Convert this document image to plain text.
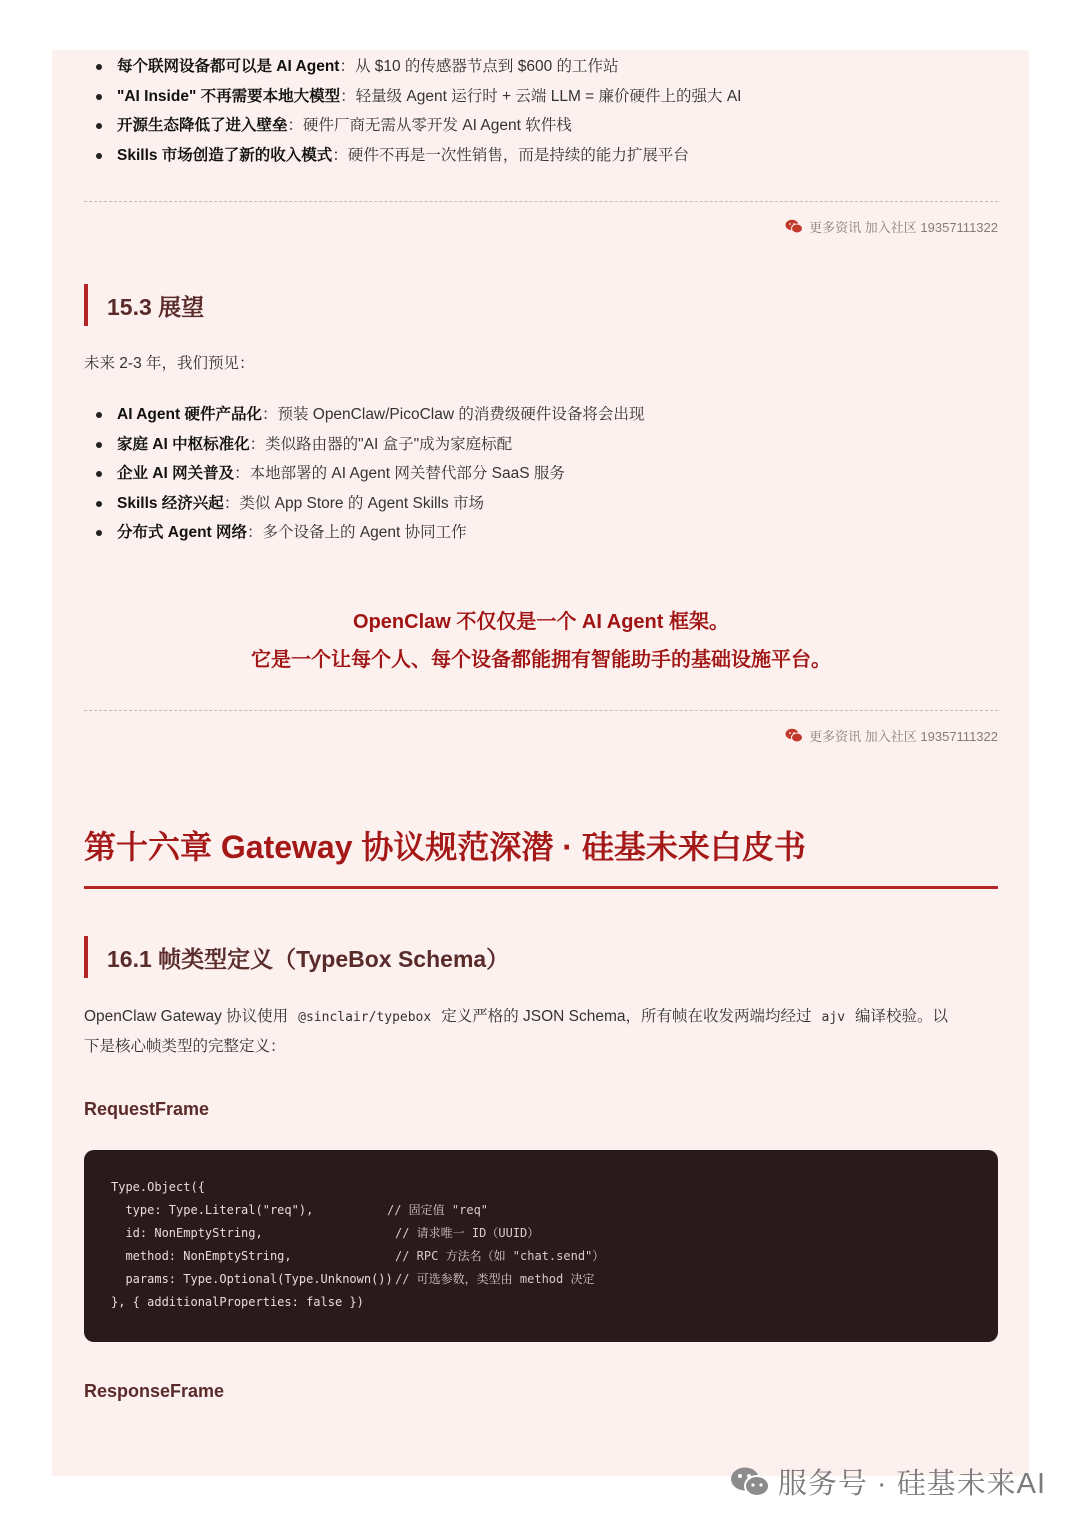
每个联网设备都可以是 AI Agent：从 $10 的传感器节点到 $600 的工作站
"AI Inside" 不再需要本地大模型：轻量级 Agent 运行时 + 云端 LLM = 廉价硬件上的强大 AI
开源生态降低了进入壁垒：硬件厂商无需从零开发 AI Agent 软件栈
Skills 市场创造了新的收入模式：硬件不再是一次性销售，而是持续的能力扩展平台
更多资讯 加入社区 19357111322
15.3 展望
未来 2-3 年，我们预见：
AI Agent 硬件产品化：预装 OpenClaw/PicoClaw 的消费级硬件设备将会出现
家庭 AI 中枢标准化：类似路由器的"AI 盒子"成为家庭标配
企业 AI 网关普及：本地部署的 AI Agent 网关替代部分 SaaS 服务
Skills 经济兴起：类似 App Store 的 Agent Skills 市场
分布式 Agent 网络：多个设备上的 Agent 协同工作
OpenClaw 不仅仅是一个 AI Agent 框架。
它是一个让每个人、每个设备都能拥有智能助手的基础设施平台。
更多资讯 加入社区 19357111322
第十六章 Gateway 协议规范深潜 · 硅基未来白皮书
16.1 帧类型定义（TypeBox Schema）
OpenClaw Gateway 协议使用 @sinclair/typebox 定义严格的 JSON Schema，所有帧在收发两端均经过 ajv 编译校验。以
下是核心帧类型的完整定义：
RequestFrame
Type.Object({
type: Type.Literal("req"),	// 固定值 "req"
id: NonEmptyString,	// 请求唯一 ID（UUID）
method: NonEmptyString,	// RPC 方法名（如 "chat.send"）
params: Type.Optional(Type.Unknown()) // 可选参数，类型由 method 决定
}, { additionalProperties: false })
ResponseFrame
服务号 · 硅基未来AI
